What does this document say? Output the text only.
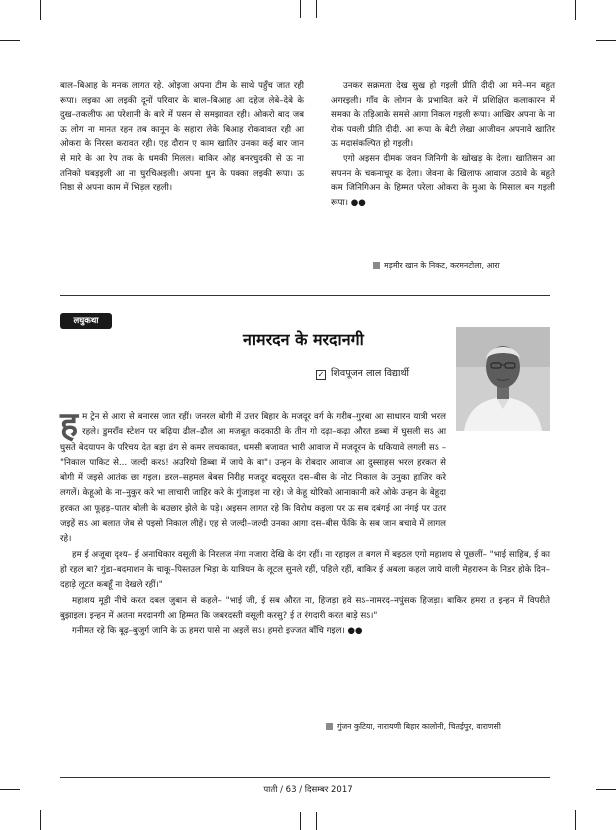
बाल–बिआह के मनक लागत रहे. ओइजा अपना टीम के साथे पहुँच जात रही रूपा। लइका आ लइकी दूनों परिवार के बाल–बिआह आ दहेज लेबे–देबे के दुख–तकलीफ आ परेशानी के बारे में पसन से समझावत रही। ओकरो बाद जब ऊ लोग ना मानत रहन तब कानून के सहारा लेके बिआह रोकवावत रही आ ओकरा के निरस्त करावत रही। एह दौरान ए काम खातिर उनका कई बार जान से मारे के आ रेप तक के धमकी मिलल। बाकिर ओह बनरघुदकी से ऊ ना तनिको घबड़इली आ ना घुरचिअइली। अपना धुन के पक्का लइकी रूपा। ऊ निष्ठा से अपना काम में भिड़ल रहली।

उनकर सक्रमता देख सुख हो गइली प्रीति दीदी आ मने–मन बहुत अगरइली। गाँव के लोगन के प्रभावित करे में प्रशिक्षित कलाकारन में समका के तड़िआके समसे आगा निकल गइली रूपा। आखिर अपना के ना रोक पवली प्रीति दीदी. आ रूपा के बेटी लेखा आजीवन अपनावे खातिर ऊ मदासंकल्पित हो गइली।

एगो अइसन दीमक जवन जिनिगी के खोखड़ के देला। खातिसन आ सपनन के चकनाचूर क देला। जेवना के खिलाफ आवाज उठावे के बहुते कम जिनिगिअन के हिम्मत परेला ओकरा के मुआ के मिसाल बन गइली रूपा। ●●

मड़मीर खान के निकट, करमनटोला, आरा
लघुकथा
नामरदन के मरदानगी
✓ शिवपूजन लाल विद्यार्थी

हम ट्रेन से आरा से बनारस जात रहीं। जनरल बोगी में उत्तर बिहार के मजदूर वर्ग के गरीब–गुरबा आ साधारन यात्री भरल रहले। डुमराँव स्टेशन पर बढ़िया ढील–ढौल आ मजबूत कदकाठी के तीन गो दढ़ा–कढ़ा औरत डब्बा में घुसली सऽ आ घुसते बेदयापन के परिचय देत बड़ा ढंग से कमर लचकावत, धमसी बजावत भारी आवाज में मजदूरन के धकियावे लगली सऽ – "निकाल पाकिट से... जल्दी करऽ! अउरियो डिब्बा में जाये के बा"। उन्हन के रोबदार आवाज आ दुस्साहस भरल हरकत से बोगी में जइसे आतंक छा गइल। डरल–सहमल बेबस निरीह मजदूर बदसूरत दस–बीस के नोट निकाल के उनुका हाजिर करे लगलें। केहूओ के ना–नुकुर करे भा लाचारी जाहिर करे के गुंजाइश ना रहे। जे केहू थोरिको आनाकानी करे ओके उन्हन के बेहूदा हरकत आ फूहड़–पातर बोली के बउछार झेले के पड़े। अइसन लागत रहे कि विरोध कइला पर ऊ सब दबंगई आ नंगई पर उतर जइहें सऽ आ बलात जेब से पइसो निकाल लीहें। एह से जल्दी–जल्दी उनका आगा दस–बीस फेंकि के सब जान बचावे में लागल रहे।

हम ई अजूबा दृश्य– ई अनाधिकार वसूली के निरलज नंगा नजारा देखि के दंग रहीं। ना रहाइल त बगल में बइठल एगो महाशय से पूछलीं– "भाई साहिब, ई का हो रहल बा? गुंडा–बदमाशन के चाकू–पिस्तउल भिड़ा के यात्रियन के लूटल सुनले रहीं, पहिले रहीं, बाकिर ई अबला कहल जाये वाली मेहरारुन के निडर होके दिन–दहाड़े लूटत कबहूँ ना देखले रहीं।"

महाशय मूड़ी नीचे करत दबल जुबान से कहले– "भाई जी, ई सब औरत ना, हिजड़ा हवे सऽ–नामरद–नपुंसक हिजड़ा। बाकिर हमरा त इन्हन में विपरीते बुझाइल। इन्हन में अतना मरदानगी आ हिम्मत कि जबरदस्ती वसूली करसु? ई त रंगदारी करत बाड़े सऽ।"

गनीमत रहे कि बूढ़–बुजुर्ग जानि के ऊ हमरा पासे ना अइलें सऽ। हमरो इज्जत बाँचि गइल। ●●

गुंजन कुटिया, नारायणी बिहार कालोनी, चितईपुर, वाराणसी
पाती / 63 / दिसम्बर 2017
